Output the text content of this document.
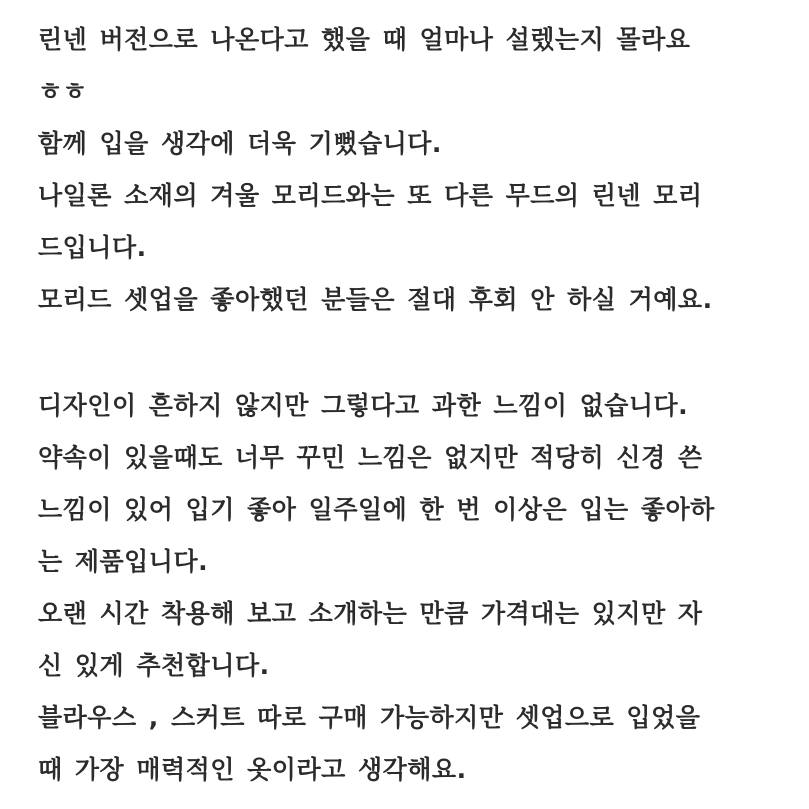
린넨 버전으로 나온다고 했을 때 얼마나 설렜는지 몰라요
ㅎㅎ
함께 입을 생각에 더욱 기뻤습니다.
나일론 소재의 겨울 모리드와는 또 다른 무드의 린넨 모리
드입니다.
모리드 셋업을 좋아했던 분들은 절대 후회 안 하실 거예요.
디자인이 흔하지 않지만 그렇다고 과한 느낌이 없습니다.
약속이 있을때도 너무 꾸민 느낌은 없지만 적당히 신경 쓴
느낌이 있어 입기 좋아 일주일에 한 번 이상은 입는 좋아하
는 제품입니다.
오랜 시간 착용해 보고 소개하는 만큼 가격대는 있지만 자
신 있게 추천합니다.
블라우스 , 스커트 따로 구매 가능하지만 셋업으로 입었을
때 가장 매력적인 옷이라고 생각해요.
